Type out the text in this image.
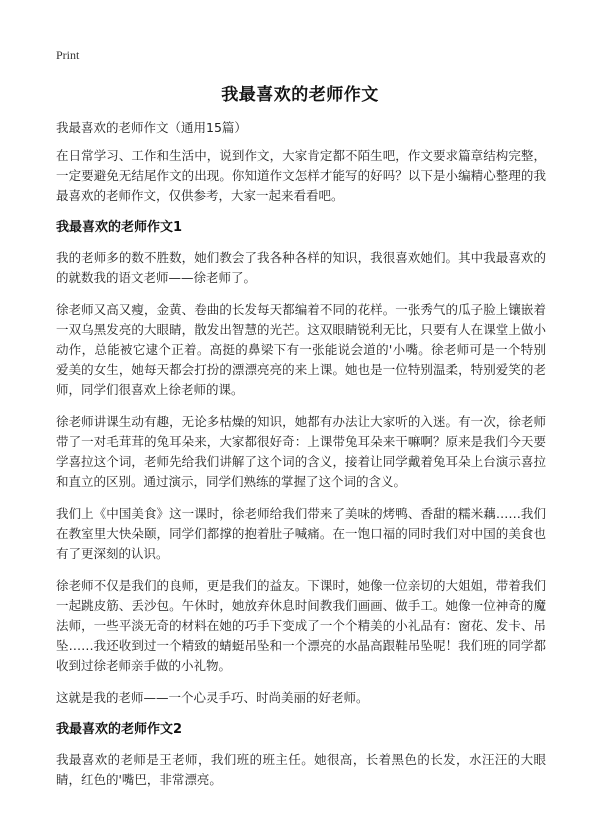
Print
我最喜欢的老师作文

我最喜欢的老师作文（通用15篇）

在日常学习、工作和生活中，说到作文，大家肯定都不陌生吧，作文要求篇章结构完整，一定要避免无结尾作文的出现。你知道作文怎样才能写的好吗？以下是小编精心整理的我最喜欢的老师作文，仅供参考，大家一起来看看吧。

我最喜欢的老师作文1

我的老师多的数不胜数，她们教会了我各种各样的知识，我很喜欢她们。其中我最喜欢的的就数我的语文老师——徐老师了。

徐老师又高又瘦，金黄、卷曲的长发每天都编着不同的花样。一张秀气的瓜子脸上镶嵌着一双乌黑发亮的大眼睛，散发出智慧的光芒。这双眼睛锐利无比，只要有人在课堂上做小动作，总能被它逮个正着。高挺的鼻梁下有一张能说会道的'小嘴。徐老师可是一个特别爱美的女生，她每天都会打扮的漂漂亮亮的来上课。她也是一位特别温柔，特别爱笑的老师，同学们很喜欢上徐老师的课。

徐老师讲课生动有趣，无论多枯燥的知识，她都有办法让大家听的入迷。有一次，徐老师带了一对毛茸茸的兔耳朵来，大家都很好奇：上课带兔耳朵来干嘛啊？原来是我们今天要学喜拉这个词，老师先给我们讲解了这个词的含义，接着让同学戴着兔耳朵上台演示喜拉和直立的区别。通过演示，同学们熟练的掌握了这个词的含义。

我们上《中国美食》这一课时，徐老师给我们带来了美味的烤鸭、香甜的糯米藕……我们在教室里大快朵颐，同学们都撑的抱着肚子喊痛。在一饱口福的同时我们对中国的美食也有了更深刻的认识。

徐老师不仅是我们的良师，更是我们的益友。下课时，她像一位亲切的大姐姐，带着我们一起跳皮筋、丢沙包。午休时，她放弃休息时间教我们画画、做手工。她像一位神奇的魔法师，一些平淡无奇的材料在她的巧手下变成了一个个精美的小礼品有：窗花、发卡、吊坠……我还收到过一个精致的蜻蜓吊坠和一个漂亮的水晶高跟鞋吊坠呢！我们班的同学都收到过徐老师亲手做的小礼物。

这就是我的老师——一个心灵手巧、时尚美丽的好老师。

我最喜欢的老师作文2

我最喜欢的老师是王老师，我们班的班主任。她很高，长着黑色的长发，水汪汪的大眼睛，红色的'嘴巴，非常漂亮。
